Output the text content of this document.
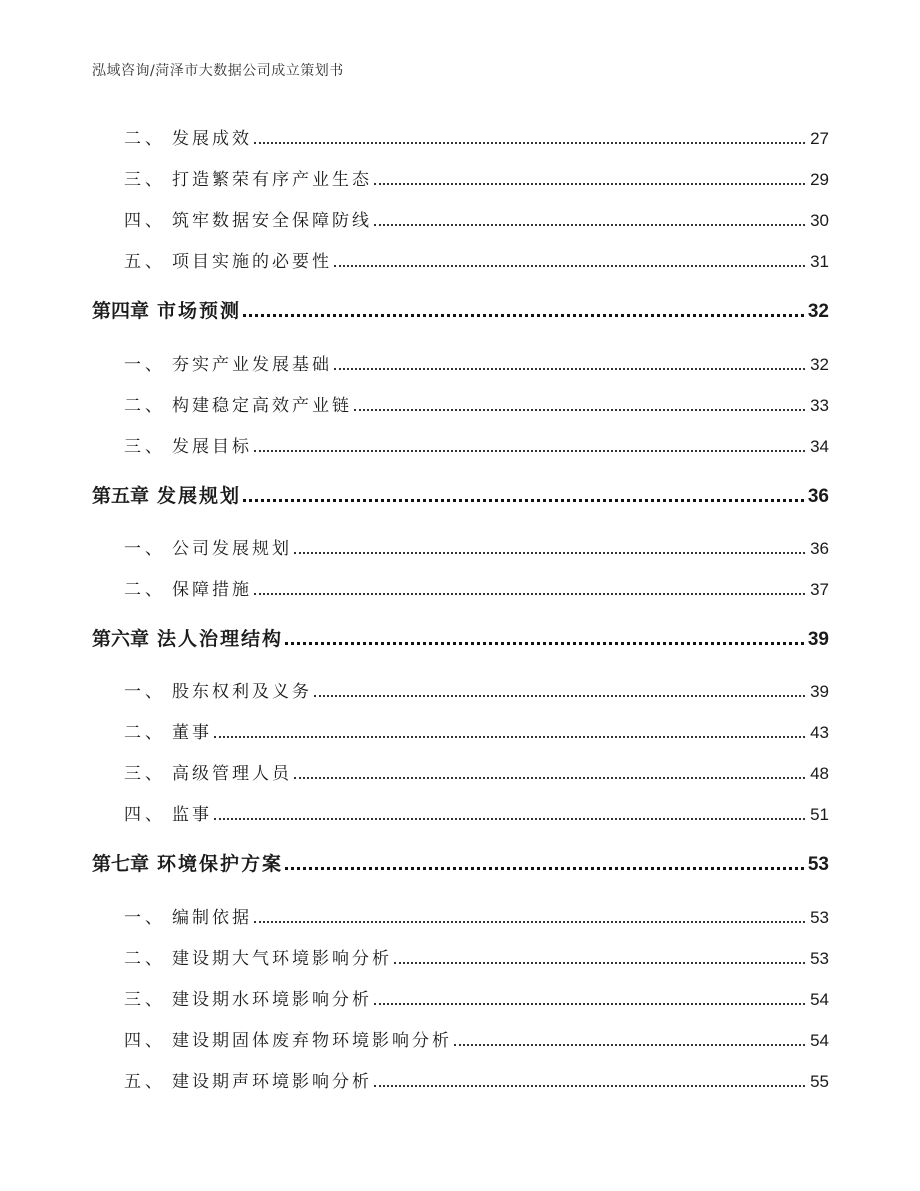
泓域咨询/菏泽市大数据公司成立策划书
二、 发展成效	27
三、 打造繁荣有序产业生态	29
四、 筑牢数据安全保障防线	30
五、 项目实施的必要性	31
第四章 市场预测	32
一、 夯实产业发展基础	32
二、 构建稳定高效产业链	33
三、 发展目标	34
第五章 发展规划	36
一、 公司发展规划	36
二、 保障措施	37
第六章 法人治理结构	39
一、 股东权利及义务	39
二、 董事	43
三、 高级管理人员	48
四、 监事	51
第七章 环境保护方案	53
一、 编制依据	53
二、 建设期大气环境影响分析	53
三、 建设期水环境影响分析	54
四、 建设期固体废弃物环境影响分析	54
五、 建设期声环境影响分析	55
